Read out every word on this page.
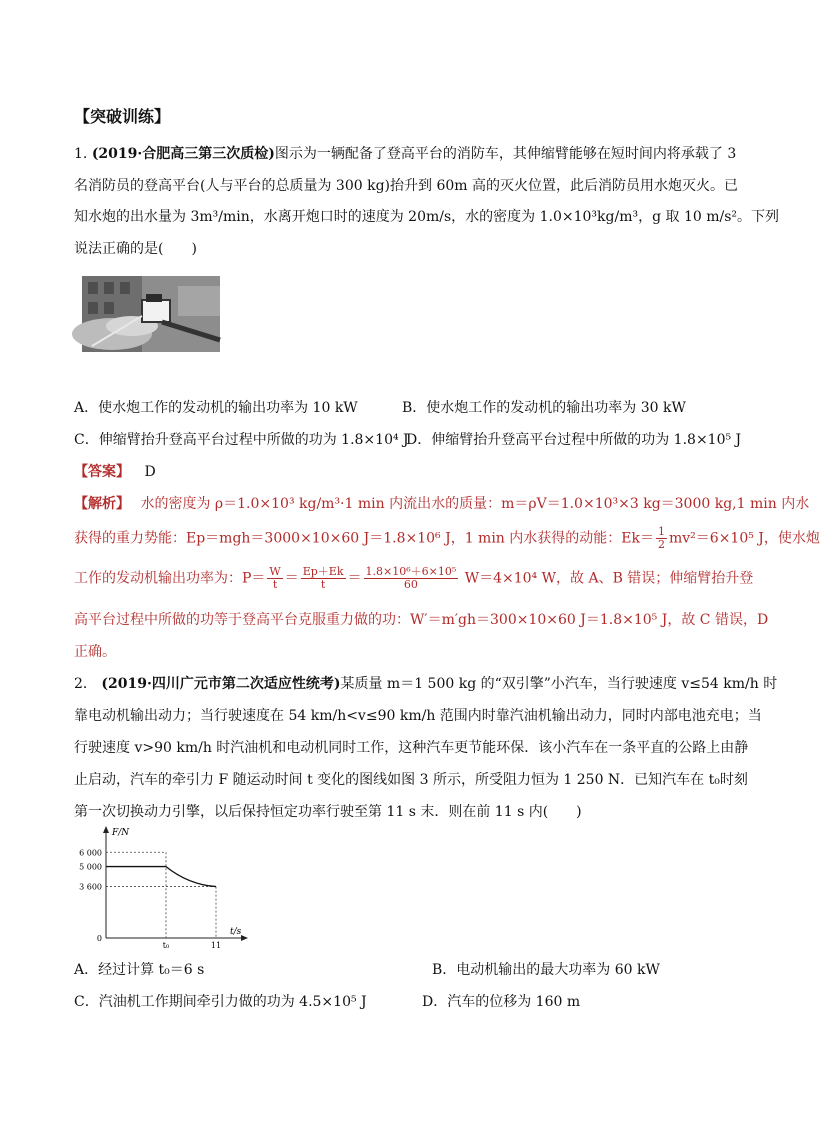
【突破训练】
1. (2019·合肥高三第三次质检)图示为一辆配备了登高平台的消防车，其伸缩臂能够在短时间内将承载了 3
名消防员的登高平台(人与平台的总质量为 300 kg)抬升到 60m 高的灭火位置，此后消防员用水炮灭火。已
知水炮的出水量为 3m³/min，水离开炮口时的速度为 20m/s，水的密度为 1.0×10³kg/m³，g 取 10 m/s²。下列
说法正确的是(　　)
A．使水炮工作的发动机的输出功率为 10 kW	B．使水炮工作的发动机的输出功率为 30 kW
C．伸缩臂抬升登高平台过程中所做的功为 1.8×10⁴ J
D．伸缩臂抬升登高平台过程中所做的功为 1.8×10⁵ J
【答案】 D
【解析】 水的密度为 ρ＝1.0×10³ kg/m³·1 min 内流出水的质量：m＝ρV＝1.0×10³×3 kg＝3000 kg,1 min 内水
获得的重力势能：Ep＝mgh＝3000×10×60 J＝1.8×10⁶ J，1 min 内水获得的动能：$Ek= \frac{1}{2} mv^2=6\times 10^5$ J，使水炮
工作的发动机输出功率为：$P= \frac{W}{t} = \frac{Ep+Ek}{t} = \frac{\text{1.8×10⁶＋6×10⁵}}{60} W=4\times 10^4$ W，故 A、B 错误；伸缩臂抬升登
高平台过程中所做的功等于登高平台克服重力做的功：W′＝m′gh＝300×10×60 J＝1.8×10⁵ J，故 C 错误，D
正确。
2． (2019·四川广元市第二次适应性统考)某质量 m＝1 500 kg 的“双引擎”小汽车，当行驶速度 v≤54 km/h 时
靠电动机输出动力；当行驶速度在 54 km/h<v≤90 km/h 范围内时靠汽油机输出动力，同时内部电池充电；当
行驶速度 v>90 km/h 时汽油机和电动机同时工作，这种汽车更节能环保．该小汽车在一条平直的公路上由静
止启动，汽车的牵引力 F 随运动时间 t 变化的图线如图 3 所示，所受阻力恒为 1 250 N．已知汽车在 t₀时刻
第一次切换动力引擎，以后保持恒定功率行驶至第 11 s 末．则在前 11 s 内(　　)
F/N
t/s
6 000
5 000
3 600
0
t₀	11
A．经过计算 t₀＝6 s	B．电动机输出的最大功率为 60 kW
C．汽油机工作期间牵引力做的功为 4.5×10⁵ J	D．汽车的位移为 160 m
